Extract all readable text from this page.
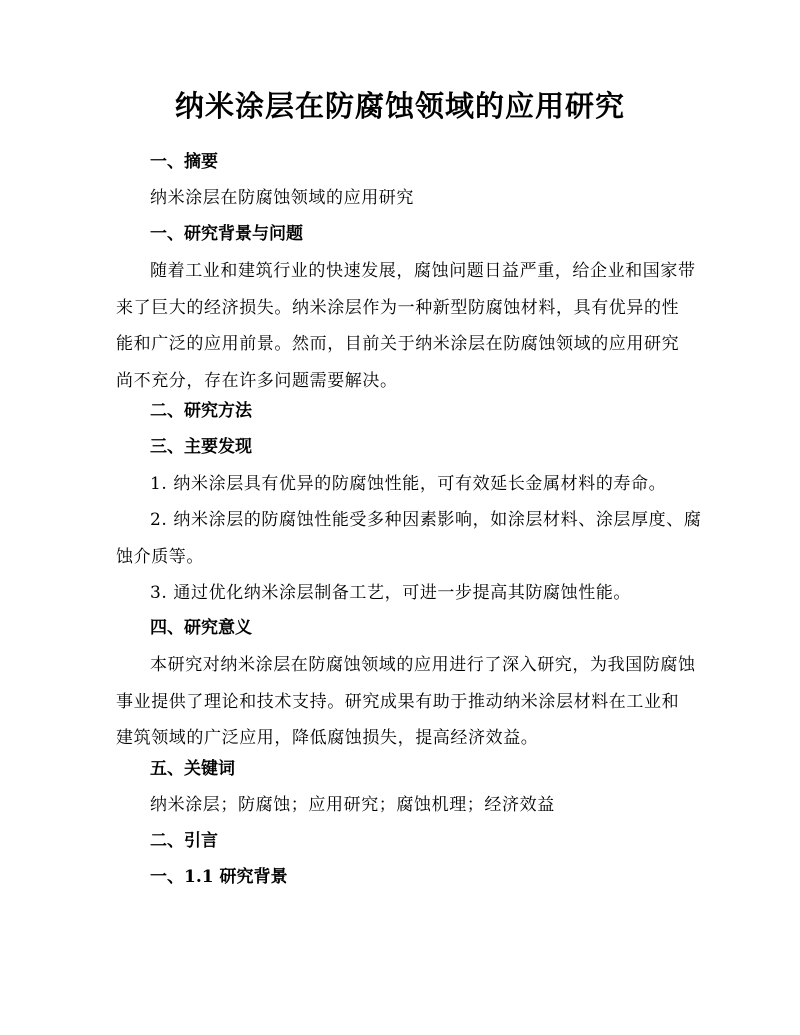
纳米涂层在防腐蚀领域的应用研究
一、摘要
纳米涂层在防腐蚀领域的应用研究
一、研究背景与问题
随着工业和建筑行业的快速发展，腐蚀问题日益严重，给企业和国家带来了巨大的经济损失。纳米涂层作为一种新型防腐蚀材料，具有优异的性能和广泛的应用前景。然而，目前关于纳米涂层在防腐蚀领域的应用研究尚不充分，存在许多问题需要解决。
二、研究方法
三、主要发现
1. 纳米涂层具有优异的防腐蚀性能，可有效延长金属材料的寿命。
2. 纳米涂层的防腐蚀性能受多种因素影响，如涂层材料、涂层厚度、腐蚀介质等。
3. 通过优化纳米涂层制备工艺，可进一步提高其防腐蚀性能。
四、研究意义
本研究对纳米涂层在防腐蚀领域的应用进行了深入研究，为我国防腐蚀事业提供了理论和技术支持。研究成果有助于推动纳米涂层材料在工业和建筑领域的广泛应用，降低腐蚀损失，提高经济效益。
五、关键词
纳米涂层；防腐蚀；应用研究；腐蚀机理；经济效益
二、引言
一、1.1 研究背景
